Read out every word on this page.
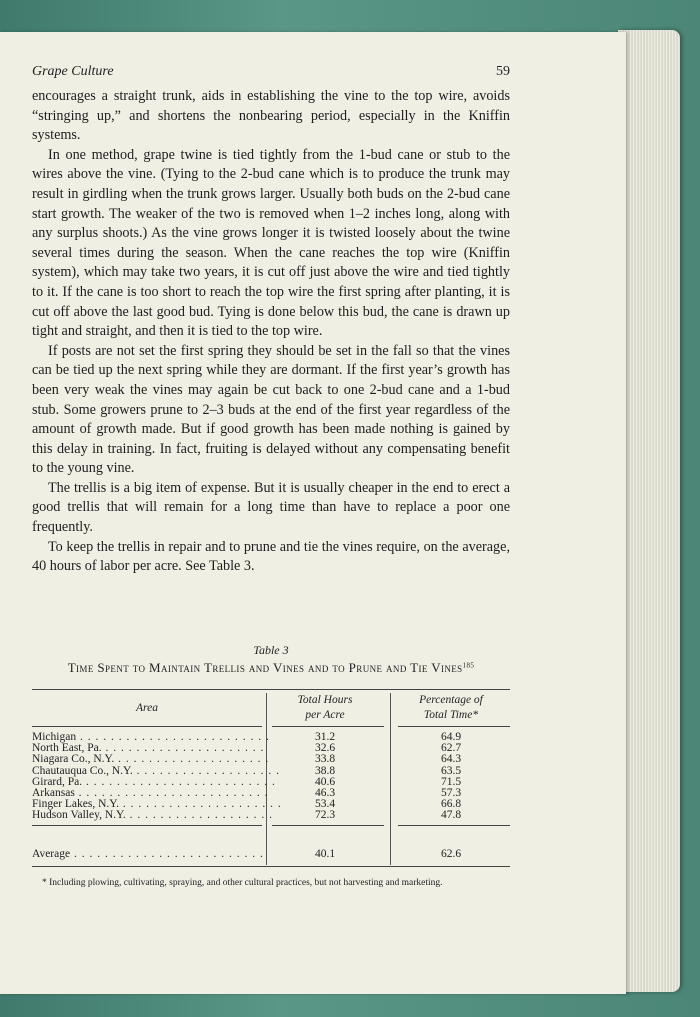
Grape Culture	59

encourages a straight trunk, aids in establishing the vine to the top wire, avoids “stringing up,” and shortens the nonbearing period, especially in the Kniffin systems.

In one method, grape twine is tied tightly from the 1-bud cane or stub to the wires above the vine. (Tying to the 2-bud cane which is to produce the trunk may result in girdling when the trunk grows larger. Usually both buds on the 2-bud cane start growth. The weaker of the two is removed when 1–2 inches long, along with any surplus shoots.) As the vine grows longer it is twisted loosely about the twine several times during the season. When the cane reaches the top wire (Kniffin system), which may take two years, it is cut off just above the wire and tied tightly to it. If the cane is too short to reach the top wire the first spring after planting, it is cut off above the last good bud. Tying is done below this bud, the cane is drawn up tight and straight, and then it is tied to the top wire.

If posts are not set the first spring they should be set in the fall so that the vines can be tied up the next spring while they are dormant. If the first year’s growth has been very weak the vines may again be cut back to one 2-bud cane and a 1-bud stub. Some growers prune to 2–3 buds at the end of the first year regardless of the amount of growth made. But if good growth has been made nothing is gained by this delay in training. In fact, fruiting is delayed without any compensating benefit to the young vine.

The trellis is a big item of expense. But it is usually cheaper in the end to erect a good trellis that will remain for a long time than have to replace a poor one frequently.

To keep the trellis in repair and to prune and tie the vines require, on the average, 40 hours of labor per acre. See Table 3.

Table 3
Time Spent to Maintain Trellis and Vines and to Prune and Tie Vines$^{185}$
Area
Total Hours
per Acre
Percentage of
Total Time*
Michigan . . . . . . . . . . . . . . . . . . . . . . . . .	31.2	64.9
North East, Pa. . . . . . . . . . . . . . . . . . . . . .	32.6	62.7
Niagara Co., N.Y. . . . . . . . . . . . . . . . . . . . .	33.8	64.3
Chautauqua Co., N.Y. . . . . . . . . . . . . . . . . . . .	38.8	63.5
Girard, Pa. . . . . . . . . . . . . . . . . . . . . . . . . .	40.6	71.5
Arkansas . . . . . . . . . . . . . . . . . . . . . . . . .	46.3	57.3
Finger Lakes, N.Y. . . . . . . . . . . . . . . . . . . . . .	53.4	66.8
Hudson Valley, N.Y. . . . . . . . . . . . . . . . . . . .	72.3	47.8
Average . . . . . . . . . . . . . . . . . . . . . . . . .	40.1	62.6

* Including plowing, cultivating, spraying, and other cultural practices, but not harvesting and marketing.
